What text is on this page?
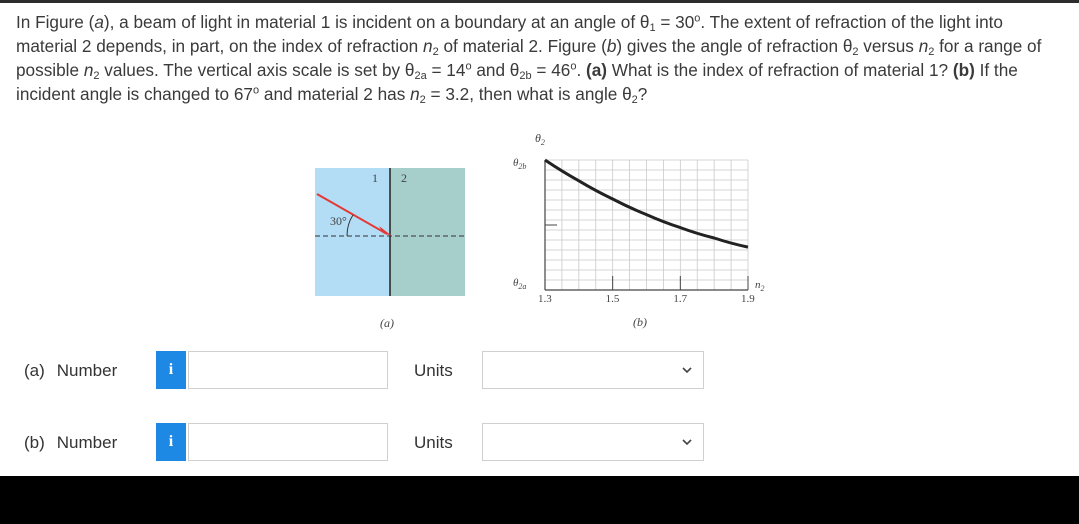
In Figure (a), a beam of light in material 1 is incident on a boundary at an angle of $\theta_1 = 30^o$. The extent of refraction of the light into material 2 depends, in part, on the index of refraction $n_2$ of material 2. Figure (b) gives the angle of refraction $\theta_2$ versus $n_2$ for a range of possible $n_2$ values. The vertical axis scale is set by $\theta_{2a} = 14^o$ and $\theta_{2b} = 46^o$. (a) What is the index of refraction of material 1? (b) If the incident angle is changed to 67$^o$ and material 2 has $n_2 = 3.2$, then what is angle $\theta_2$?
30°
1 2
(a)
$\theta_2$
$\theta_{2b}$
$\theta_{2a}$	$n_2$
1.3	1.5	1.7	1.9
(b)
(a) Number	i	Units
(b) Number	i	Units
